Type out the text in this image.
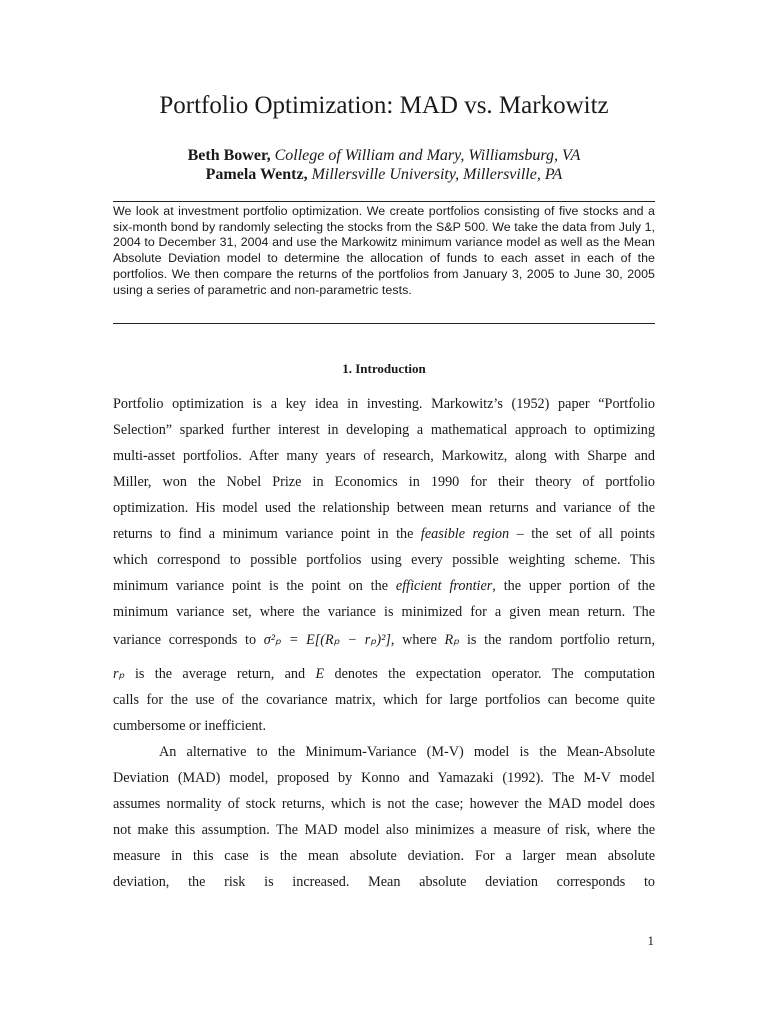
Portfolio Optimization: MAD vs. Markowitz
Beth Bower, College of William and Mary, Williamsburg, VA
Pamela Wentz, Millersville University, Millersville, PA
We look at investment portfolio optimization. We create portfolios consisting of five stocks and a six-month bond by randomly selecting the stocks from the S&P 500. We take the data from July 1, 2004 to December 31, 2004 and use the Markowitz minimum variance model as well as the Mean Absolute Deviation model to determine the allocation of funds to each asset in each of the portfolios. We then compare the returns of the portfolios from January 3, 2005 to June 30, 2005 using a series of parametric and non-parametric tests.
1. Introduction
Portfolio optimization is a key idea in investing. Markowitz’s (1952) paper “Portfolio
Selection” sparked further interest in developing a mathematical approach to optimizing
multi-asset portfolios. After many years of research, Markowitz, along with Sharpe and
Miller, won the Nobel Prize in Economics in 1990 for their theory of portfolio
optimization. His model used the relationship between mean returns and variance of the
returns to find a minimum variance point in the feasible region – the set of all points
which correspond to possible portfolios using every possible weighting scheme. This
minimum variance point is the point on the efficient frontier, the upper portion of the
minimum variance set, where the variance is minimized for a given mean return. The
variance corresponds to σ²ₚ = E[(Rₚ − rₚ)²], where Rₚ is the random portfolio return,
rₚ is the average return, and E denotes the expectation operator. The computation
calls for the use of the covariance matrix, which for large portfolios can become quite
cumbersome or inefficient.
An alternative to the Minimum-Variance (M-V) model is the Mean-Absolute
Deviation (MAD) model, proposed by Konno and Yamazaki (1992). The M-V model
assumes normality of stock returns, which is not the case; however the MAD model does
not make this assumption. The MAD model also minimizes a measure of risk, where the
measure in this case is the mean absolute deviation. For a larger mean absolute
deviation, the risk is increased. Mean absolute deviation corresponds to
1
